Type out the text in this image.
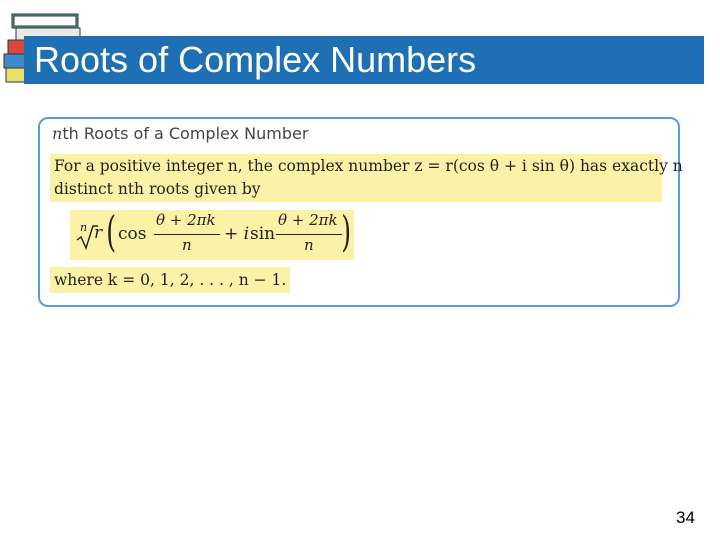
Roots of Complex Numbers
nth Roots of a Complex Number
For a positive integer n, the complex number z = r(cos θ + i sin θ) has exactly n
distinct nth roots given by
n r ( cos
θ + 2πk
n
+ i sin
θ + 2πk
n )
where k = 0, 1, 2, . . . , n − 1.
34
